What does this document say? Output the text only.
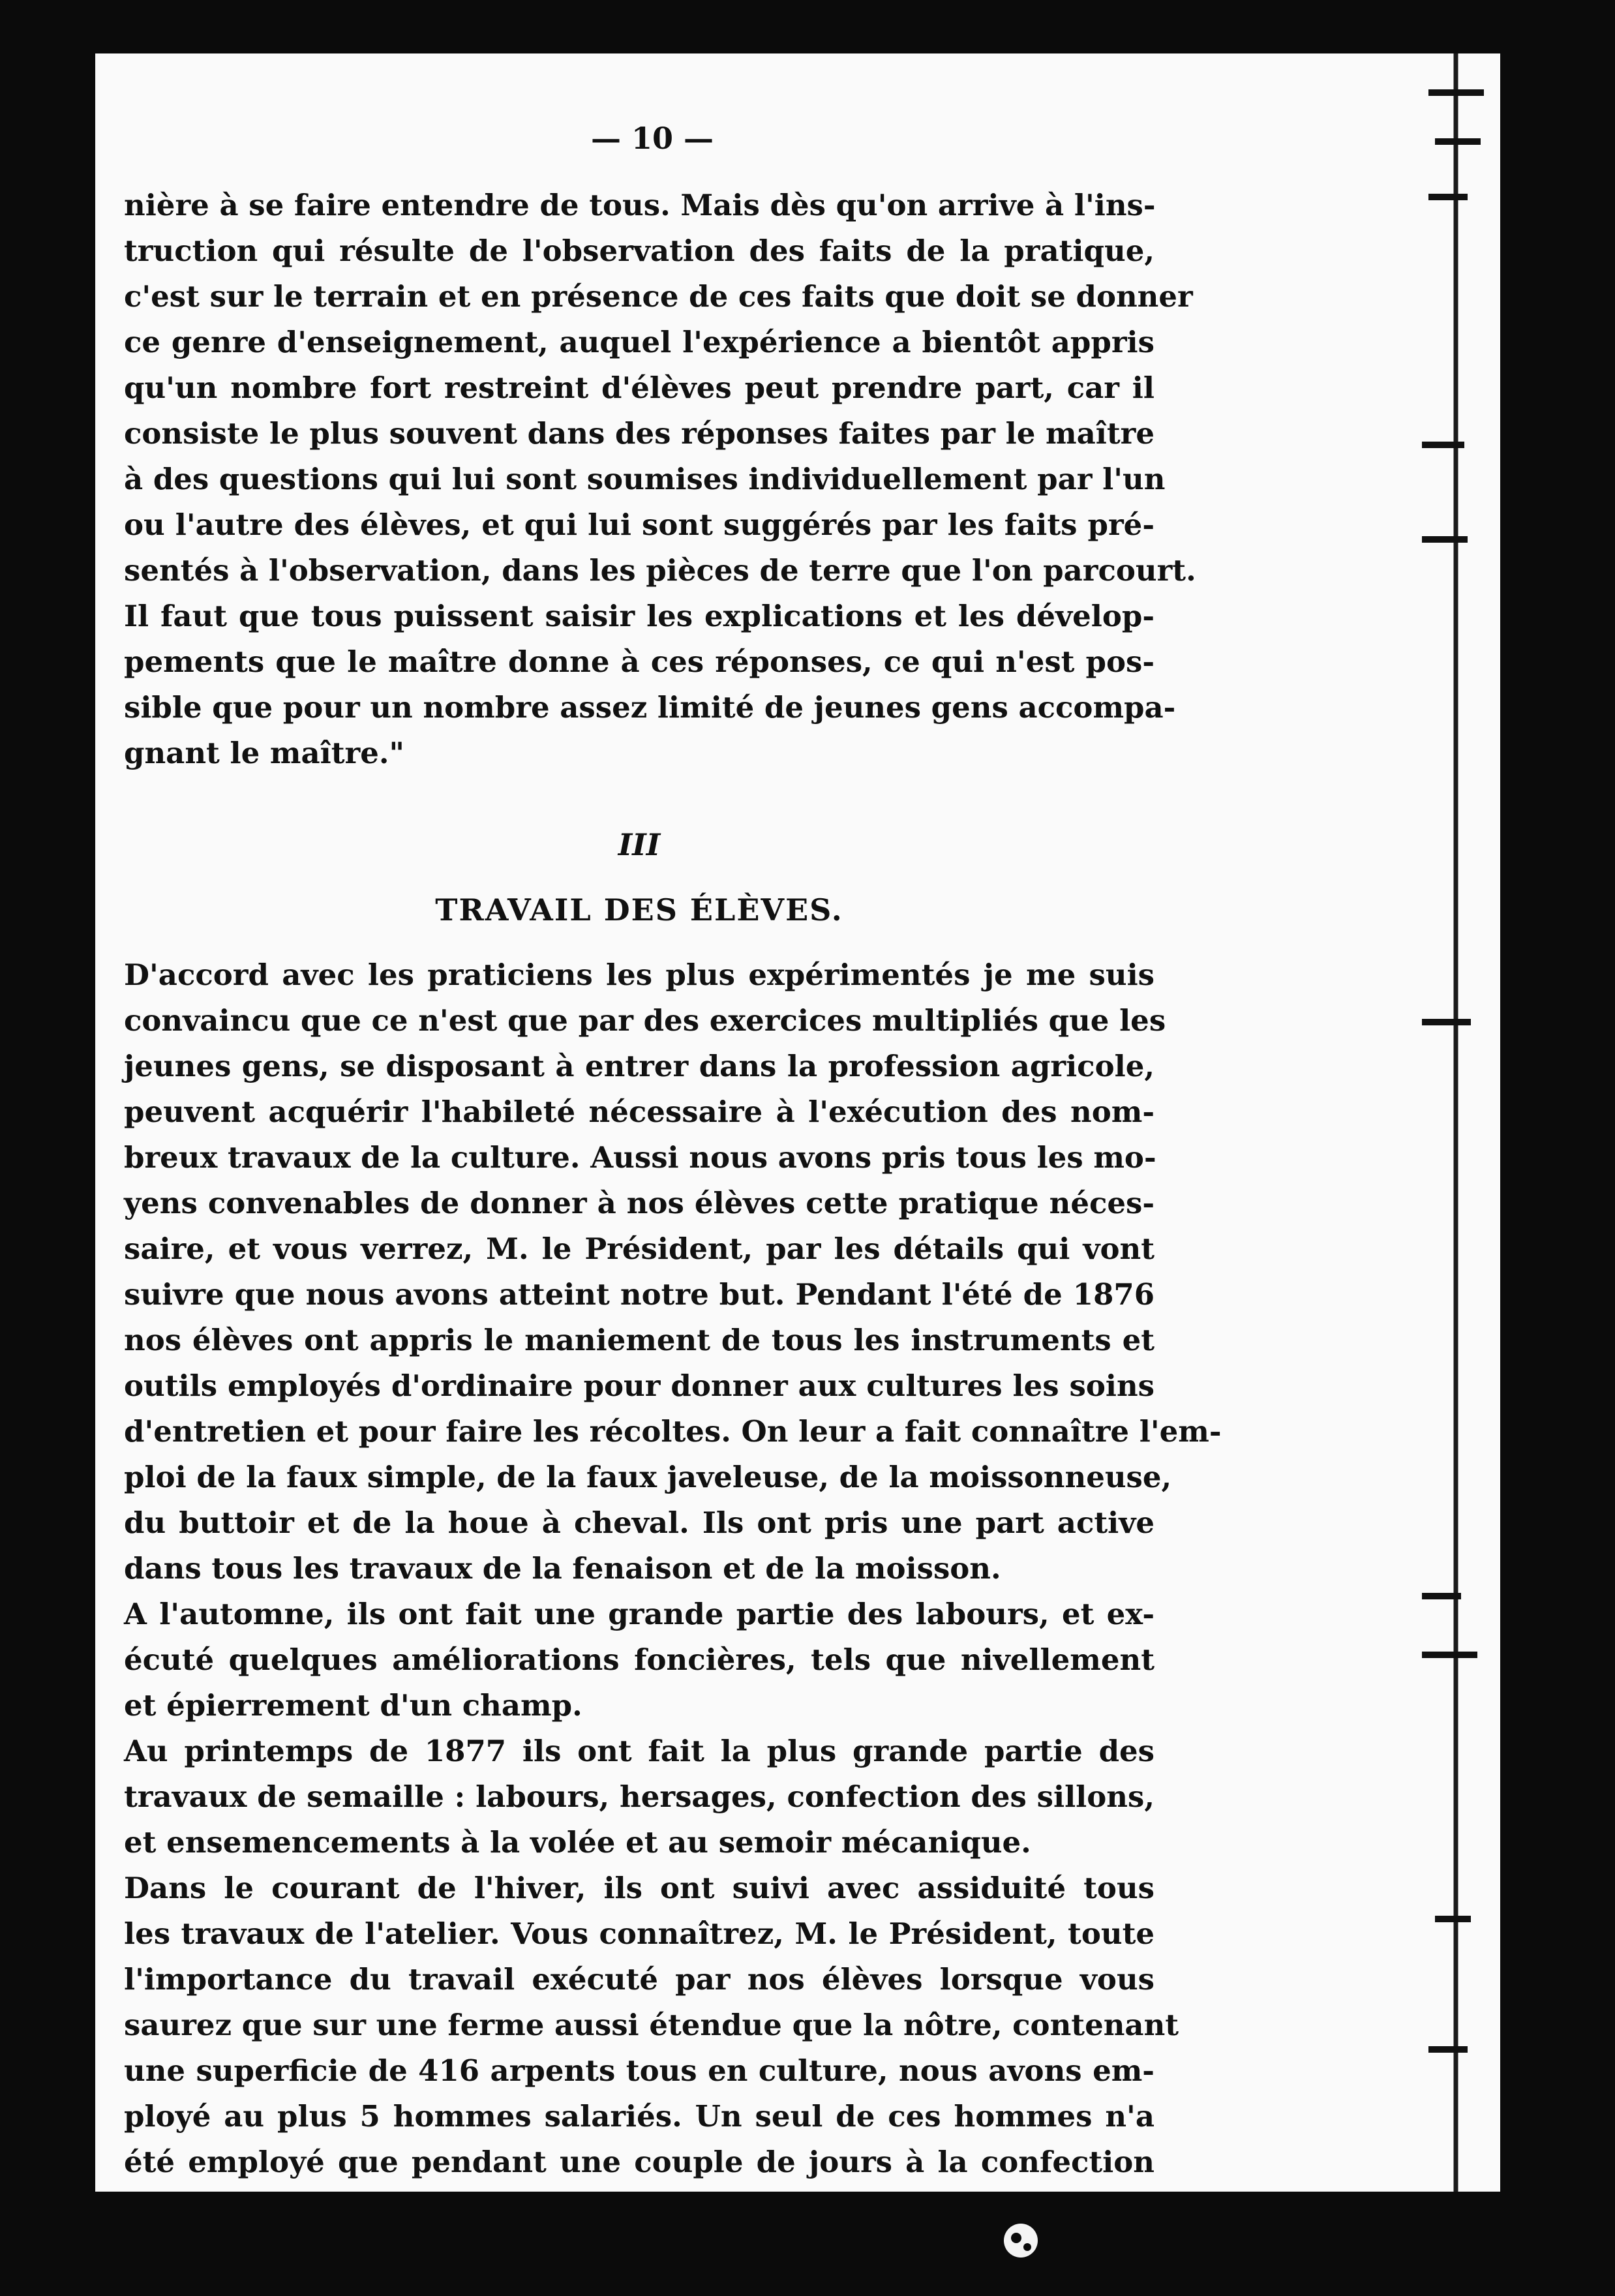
— 10 —

nière à se faire entendre de tous. Mais dès qu'on arrive à l'ins-

truction qui résulte de l'observation des faits de la pratique,

c'est sur le terrain et en présence de ces faits que doit se donner

ce genre d'enseignement, auquel l'expérience a bientôt appris

qu'un nombre fort restreint d'élèves peut prendre part, car il

consiste le plus souvent dans des réponses faites par le maître

à des questions qui lui sont soumises individuellement par l'un

ou l'autre des élèves, et qui lui sont suggérés par les faits pré-

sentés à l'observation, dans les pièces de terre que l'on parcourt.

Il faut que tous puissent saisir les explications et les dévelop-

pements que le maître donne à ces réponses, ce qui n'est pos-

sible que pour un nombre assez limité de jeunes gens accompa-

gnant le maître."

III
TRAVAIL DES ÉLÈVES.

D'accord avec les praticiens les plus expérimentés je me suis

convaincu que ce n'est que par des exercices multipliés que les

jeunes gens, se disposant à entrer dans la profession agricole,

peuvent acquérir l'habileté nécessaire à l'exécution des nom-

breux travaux de la culture. Aussi nous avons pris tous les mo-

yens convenables de donner à nos élèves cette pratique néces-

saire, et vous verrez, M. le Président, par les détails qui vont

suivre que nous avons atteint notre but. Pendant l'été de 1876

nos élèves ont appris le maniement de tous les instruments et

outils employés d'ordinaire pour donner aux cultures les soins

d'entretien et pour faire les récoltes. On leur a fait connaître l'em-

ploi de la faux simple, de la faux javeleuse, de la moissonneuse,

du buttoir et de la houe à cheval. Ils ont pris une part active

dans tous les travaux de la fenaison et de la moisson.

A l'automne, ils ont fait une grande partie des labours, et ex-

écuté quelques améliorations foncières, tels que nivellement

et épierrement d'un champ.

Au printemps de 1877 ils ont fait la plus grande partie des

travaux de semaille : labours, hersages, confection des sillons,

et ensemencements à la volée et au semoir mécanique.

Dans le courant de l'hiver, ils ont suivi avec assiduité tous

les travaux de l'atelier. Vous connaîtrez, M. le Président, toute

l'importance du travail exécuté par nos élèves lorsque vous

saurez que sur une ferme aussi étendue que la nôtre, contenant

une superficie de 416 arpents tous en culture, nous avons em-

ployé au plus 5 hommes salariés. Un seul de ces hommes n'a

été employé que pendant une couple de jours à la confection
